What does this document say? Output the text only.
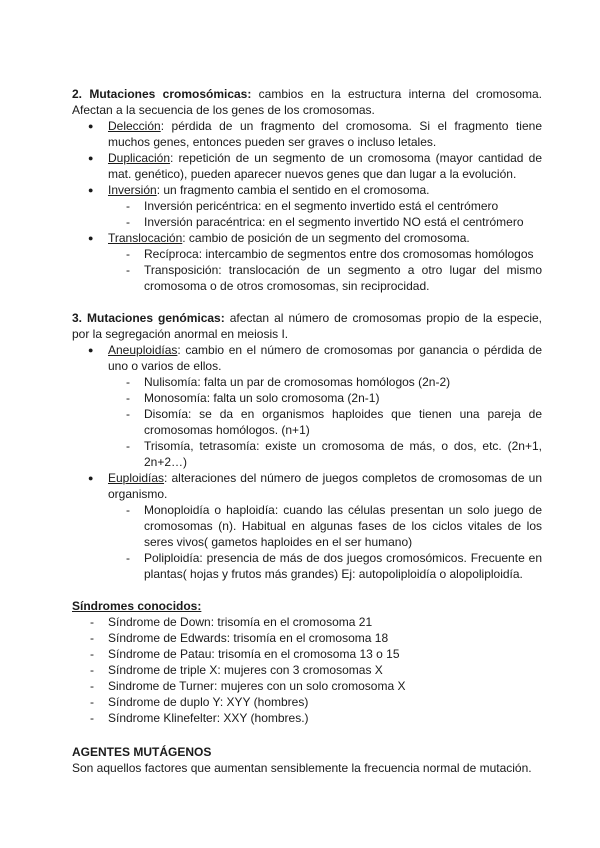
2. Mutaciones cromosómicas: cambios en la estructura interna del cromosoma. Afectan a la secuencia de los genes de los cromosomas.

● Delección: pérdida de un fragmento del cromosoma. Si el fragmento tiene muchos genes, entonces pueden ser graves o incluso letales.
● Duplicación: repetición de un segmento de un cromosoma (mayor cantidad de mat. genético), pueden aparecer nuevos genes que dan lugar a la evolución.
● Inversión: un fragmento cambia el sentido en el cromosoma.
- Inversión pericéntrica: en el segmento invertido está el centrómero
- Inversión paracéntrica: en el segmento invertido NO está el centrómero
● Translocación: cambio de posición de un segmento del cromosoma.
- Recíproca: intercambio de segmentos entre dos cromosomas homólogos
- Transposición: translocación de un segmento a otro lugar del mismo cromosoma o de otros cromosomas, sin reciprocidad.

3. Mutaciones genómicas: afectan al número de cromosomas propio de la especie, por la segregación anormal en meiosis I.

● Aneuploidías: cambio en el número de cromosomas por ganancia o pérdida de uno o varios de ellos.
- Nulisomía: falta un par de cromosomas homólogos (2n-2)
- Monosomía: falta un solo cromosoma (2n-1)
- Disomía: se da en organismos haploides que tienen una pareja de cromosomas homólogos. (n+1)
- Trisomía, tetrasomía: existe un cromosoma de más, o dos, etc. (2n+1, 2n+2…)
● Euploidías: alteraciones del número de juegos completos de cromosomas de un organismo.
- Monoploidía o haploidía: cuando las células presentan un solo juego de cromosomas (n). Habitual en algunas fases de los ciclos vitales de los seres vivos( gametos haploides en el ser humano)
- Poliploidía: presencia de más de dos juegos cromosómicos. Frecuente en plantas( hojas y frutos más grandes) Ej: autopoliploidía o alopoliploidía.

Síndromes conocidos:

- Síndrome de Down: trisomía en el cromosoma 21
- Síndrome de Edwards: trisomía en el cromosoma 18
- Síndrome de Patau: trisomía en el cromosoma 13 o 15
- Síndrome de triple X: mujeres con 3 cromosomas X
- Sindrome de Turner: mujeres con un solo cromosoma X
- Síndrome de duplo Y: XYY (hombres)
- Síndrome Klinefelter: XXY (hombres.)

AGENTES MUTÁGENOS

Son aquellos factores que aumentan sensiblemente la frecuencia normal de mutación.
